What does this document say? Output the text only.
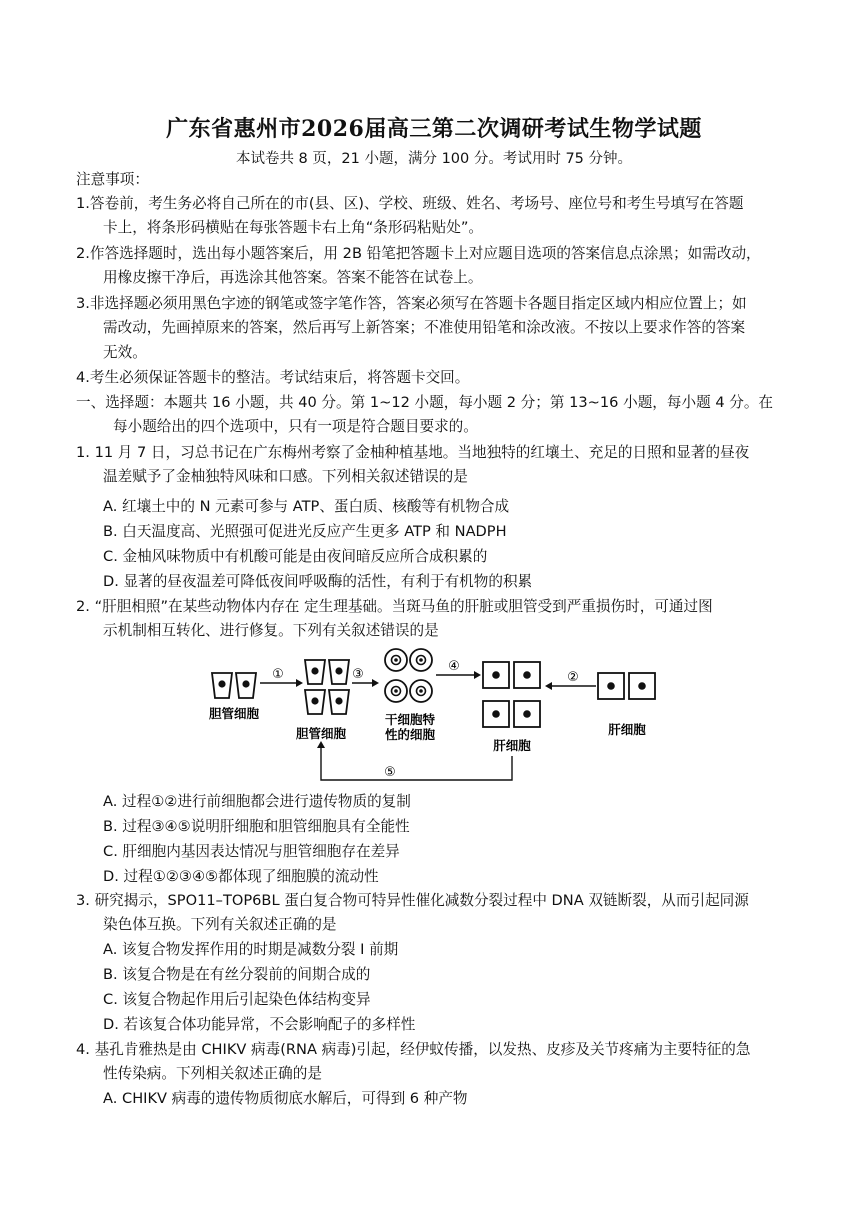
广东省惠州市2026届高三第二次调研考试生物学试题
本试卷共 8 页，21 小题，满分 100 分。考试用时 75 分钟。
注意事项：
1.答卷前，考生务必将自己所在的市(县、区)、学校、班级、姓名、考场号、座位号和考生号填写在答题
卡上，将条形码横贴在每张答题卡右上角“条形码粘贴处”。
2.作答选择题时，选出每小题答案后，用 2B 铅笔把答题卡上对应题目选项的答案信息点涂黑；如需改动，
用橡皮擦干净后，再选涂其他答案。答案不能答在试卷上。
3.非选择题必须用黑色字迹的钢笔或签字笔作答，答案必须写在答题卡各题目指定区域内相应位置上；如
需改动，先画掉原来的答案，然后再写上新答案；不准使用铅笔和涂改液。不按以上要求作答的答案
无效。
4.考生必须保证答题卡的整洁。考试结束后，将答题卡交回。
一、选择题：本题共 16 小题，共 40 分。第 1~12 小题，每小题 2 分；第 13~16 小题，每小题 4 分。在
每小题给出的四个选项中，只有一项是符合题目要求的。
1. 11 月 7 日，习总书记在广东梅州考察了金柚种植基地。当地独特的红壤土、充足的日照和显著的昼夜
温差赋予了金柚独特风味和口感。下列相关叙述错误的是
A. 红壤土中的 N 元素可参与 ATP、蛋白质、核酸等有机物合成
B. 白天温度高、光照强可促进光反应产生更多 ATP 和 NADPH
C. 金柚风味物质中有机酸可能是由夜间暗反应所合成积累的
D. 显著的昼夜温差可降低夜间呼吸酶的活性，有利于有机物的积累
2. “肝胆相照”在某些动物体内存在 定生理基础。当斑马鱼的肝脏或胆管受到严重损伤时，可通过图
示机制相互转化、进行修复。下列有关叙述错误的是
胆管细胞
①
胆管细胞
③
干细胞特
性的细胞
④
肝细胞
②
肝细胞
⑤
A. 过程①②进行前细胞都会进行遗传物质的复制
B. 过程③④⑤说明肝细胞和胆管细胞具有全能性
C. 肝细胞内基因表达情况与胆管细胞存在差异
D. 过程①②③④⑤都体现了细胞膜的流动性
3. 研究揭示，SPO11–TOP6BL 蛋白复合物可特异性催化减数分裂过程中 DNA 双链断裂，从而引起同源
染色体互换。下列有关叙述正确的是
A. 该复合物发挥作用的时期是减数分裂 I 前期
B. 该复合物是在有丝分裂前的间期合成的
C. 该复合物起作用后引起染色体结构变异
D. 若该复合体功能异常，不会影响配子的多样性
4. 基孔肯雅热是由 CHIKV 病毒(RNA 病毒)引起，经伊蚊传播，以发热、皮疹及关节疼痛为主要特征的急
性传染病。下列相关叙述正确的是
A. CHIKV 病毒的遗传物质彻底水解后，可得到 6 种产物
